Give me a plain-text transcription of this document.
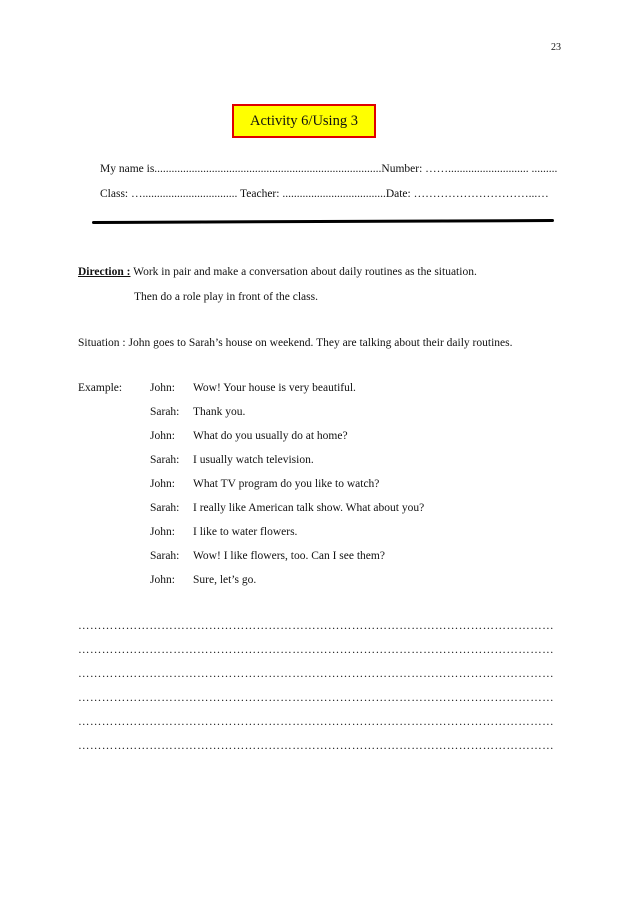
23
Activity 6/Using 3
My name is...............................................................................Number: ……............................ .........
Class: …................................. Teacher: ....................................Date: …………………………...…
Direction : Work in pair and make a conversation about daily routines as the situation.
Then do a role play in front of the class.
Situation : John goes to Sarah’s house on weekend. They are talking about their daily routines.
Example: John: Wow! Your house is very beautiful.
Sarah: Thank you.
John: What do you usually do at home?
Sarah: I usually watch television.
John: What TV program do you like to watch?
Sarah: I really like American talk show. What about you?
John: I like to water flowers.
Sarah: Wow! I like flowers, too. Can I see them?
John: Sure, let’s go.
…………………………………………………………………………………………………………
…………………………………………………………………………………………………………
…………………………………………………………………………………………………………
…………………………………………………………………………………………………………
…………………………………………………………………………………………………………
…………………………………………………………………………………………………………
